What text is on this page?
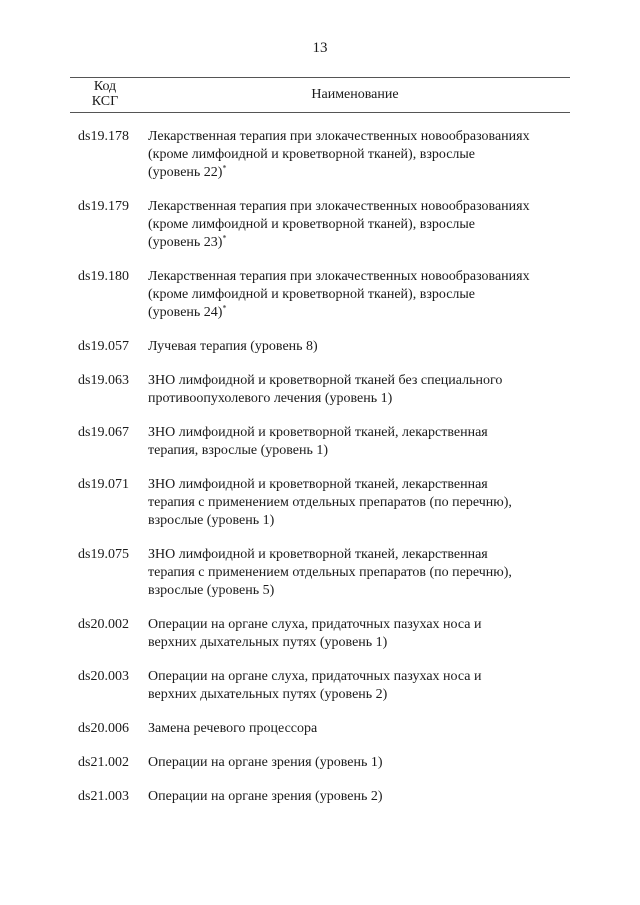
13
Код
КСГ	Наименование
ds19.178	Лекарственная терапия при злокачественных новообразованиях
(кроме лимфоидной и кроветворной тканей), взрослые
(уровень 22)*
ds19.179	Лекарственная терапия при злокачественных новообразованиях
(кроме лимфоидной и кроветворной тканей), взрослые
(уровень 23)*
ds19.180	Лекарственная терапия при злокачественных новообразованиях
(кроме лимфоидной и кроветворной тканей), взрослые
(уровень 24)*
ds19.057	Лучевая терапия (уровень 8)
ds19.063	ЗНО лимфоидной и кроветворной тканей без специального
противоопухолевого лечения (уровень 1)
ds19.067	ЗНО лимфоидной и кроветворной тканей, лекарственная
терапия, взрослые (уровень 1)
ds19.071	ЗНО лимфоидной и кроветворной тканей, лекарственная
терапия с применением отдельных препаратов (по перечню),
взрослые (уровень 1)
ds19.075	ЗНО лимфоидной и кроветворной тканей, лекарственная
терапия с применением отдельных препаратов (по перечню),
взрослые (уровень 5)
ds20.002	Операции на органе слуха, придаточных пазухах носа и
верхних дыхательных путях (уровень 1)
ds20.003	Операции на органе слуха, придаточных пазухах носа и
верхних дыхательных путях (уровень 2)
ds20.006	Замена речевого процессора
ds21.002	Операции на органе зрения (уровень 1)
ds21.003	Операции на органе зрения (уровень 2)
